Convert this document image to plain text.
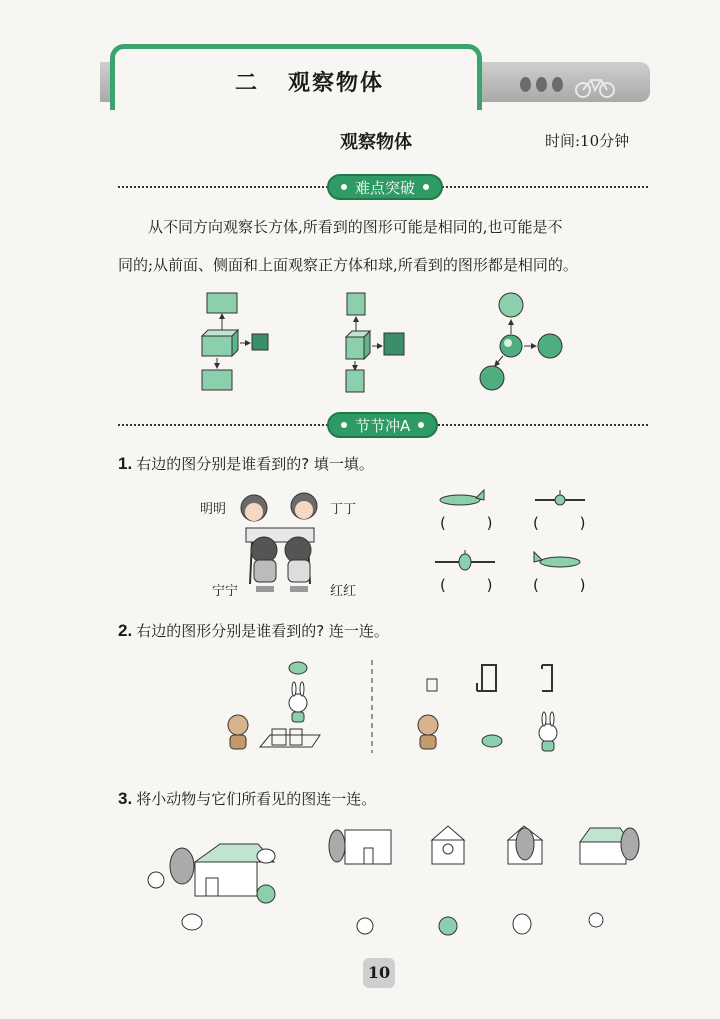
二 观察物体

观察物体	时间:10分钟
难点突破
从不同方向观察长方体,所看到的图形可能是相同的,也可能是不
同的;从前面、侧面和上面观察正方体和球,所看到的图形都是相同的。
节节冲A
1. 右边的图分别是谁看到的? 填一填。
明明	丁丁
宁宁	红红
( ) ( )
( ) ( )
2. 右边的图形分别是谁看到的? 连一连。
3. 将小动物与它们所看见的图连一连。
10
